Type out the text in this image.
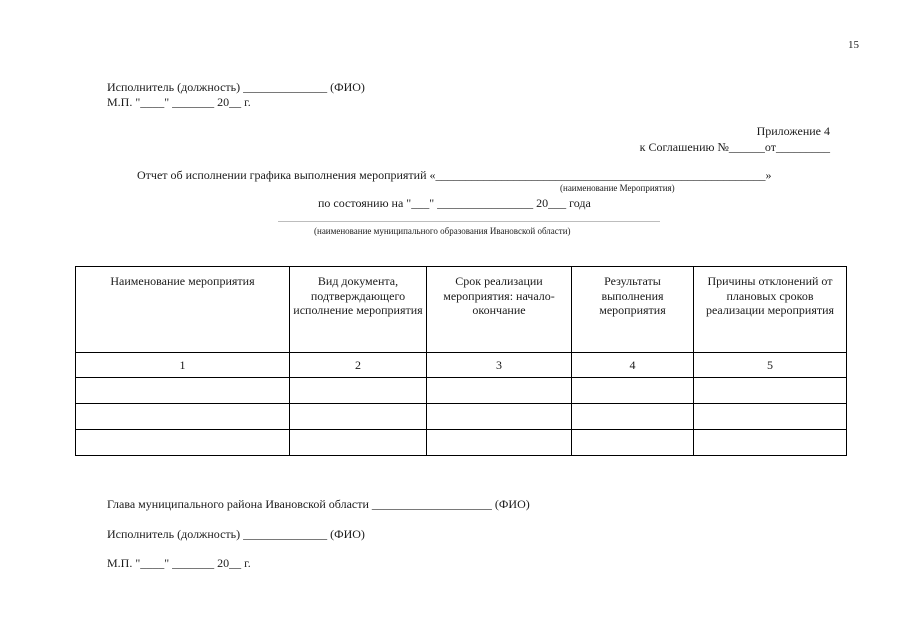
15
Исполнитель (должность) ______________ (ФИО)
М.П. "____" _______ 20__ г.
Приложение 4
к Соглашению №______от_________
Отчет об исполнении графика выполнения мероприятий «_______________________________________________________»
(наименование Мероприятия)
по состоянию на "___" ________________ 20___ года
(наименование муниципального образования Ивановской области)
Наименование мероприятия	Вид документа, подтверждающего исполнение мероприятия	Срок реализации мероприятия: начало-окончание	Результаты выполнения мероприятия	Причины отклонений от плановых сроков реализации мероприятия
1	2	3	4	5

Глава муниципального района Ивановской области ____________________ (ФИО)
Исполнитель (должность) ______________ (ФИО)
М.П. "____" _______ 20__ г.
